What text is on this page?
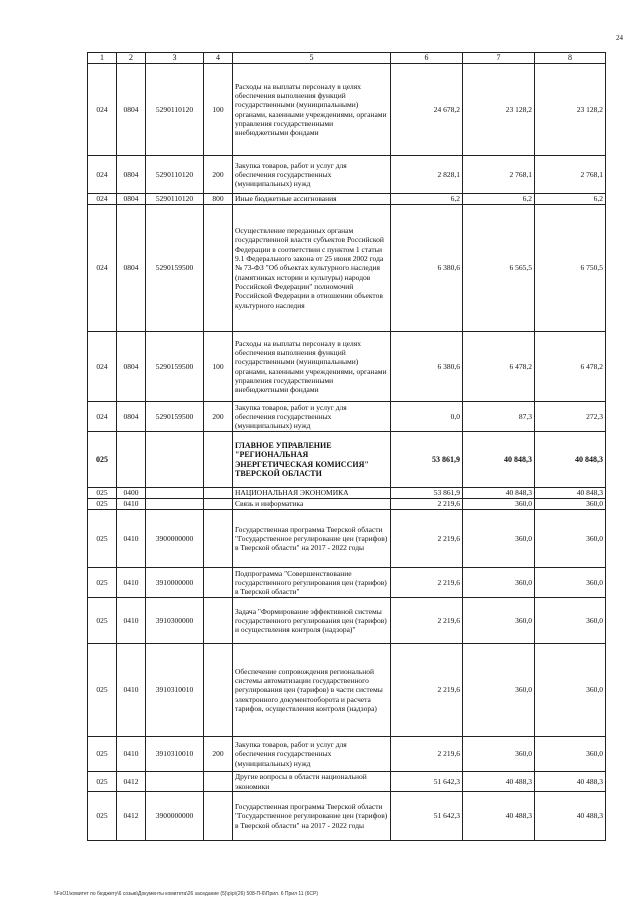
24
1	2	3	4	5	6	7	8
024	0804	5290110120	100	Расходы на выплаты персоналу в целях обеспечения выполнения функций государственными (муниципальными) органами, казенными учреждениями, органами управления государственными внебюджетными фондами	24 678,2	23 128,2	23 128,2
024	0804	5290110120	200	Закупка товаров, работ и услуг для обеспечения государственных (муниципальных) нужд	2 828,1	2 768,1	2 768,1
024	0804	5290110120	800	Иные бюджетные ассигнования	6,2	6,2	6,2
024	0804	5290159500		Осуществление переданных органам государственной власти субъектов Российской Федерации в соответствии с пунктом 1 статьи 9.1 Федерального закона от 25 июня 2002 года № 73-ФЗ "Об объектах культурного наследия (памятниках истории и культуры) народов Российской Федерации" полномочий Российской Федерации в отношении объектов культурного наследия	6 380,6	6 565,5	6 750,5
024	0804	5290159500	100	Расходы на выплаты персоналу в целях обеспечения выполнения функций государственными (муниципальными) органами, казенными учреждениями, органами управления государственными внебюджетными фондами	6 380,6	6 478,2	6 478,2
024	0804	5290159500	200	Закупка товаров, работ и услуг для обеспечения государственных (муниципальных) нужд	0,0	87,3	272,3
025				ГЛАВНОЕ УПРАВЛЕНИЕ "РЕГИОНАЛЬНАЯ ЭНЕРГЕТИЧЕСКАЯ КОМИССИЯ" ТВЕРСКОЙ ОБЛАСТИ	53 861,9	40 848,3	40 848,3
025	0400			НАЦИОНАЛЬНАЯ ЭКОНОМИКА	53 861,9	40 848,3	40 848,3
025	0410			Связь и информатика	2 219,6	360,0	360,0
025	0410	3900000000		Государственная программа Тверской области "Государственное регулирование цен (тарифов) в Тверской области" на 2017 - 2022 годы	2 219,6	360,0	360,0
025	0410	3910000000		Подпрограмма "Совершенствование государственного регулирования цен (тарифов) в Тверской области"	2 219,6	360,0	360,0
025	0410	3910300000		Задача "Формирование эффективной системы государственного регулирования цен (тарифов) и осуществления контроля (надзора)"	2 219,6	360,0	360,0
025	0410	3910310010		Обеспечение сопровождения региональной системы автоматизации государственного регулирования цен (тарифов) в части системы электронного документооборота и расчета тарифов, осуществления контроля (надзора)	2 219,6	360,0	360,0
025	0410	3910310010	200	Закупка товаров, работ и услуг для обеспечения государственных (муниципальных) нужд	2 219,6	360,0	360,0
025	0412			Другие вопросы в области национальной экономики	51 642,3	40 488,3	40 488,3
025	0412	3900000000		Государственная программа Тверской области "Государственное регулирование цен (тарифов) в Тверской области" на 2017 - 2022 годы	51 642,3	40 488,3	40 488,3
\\FsO1\комитет по бюджету\6 созыв\Документы комитета\26 заседание (5)\p\p\(26) 508-П-6\Прил. 6 Прил 11 (6СР)
